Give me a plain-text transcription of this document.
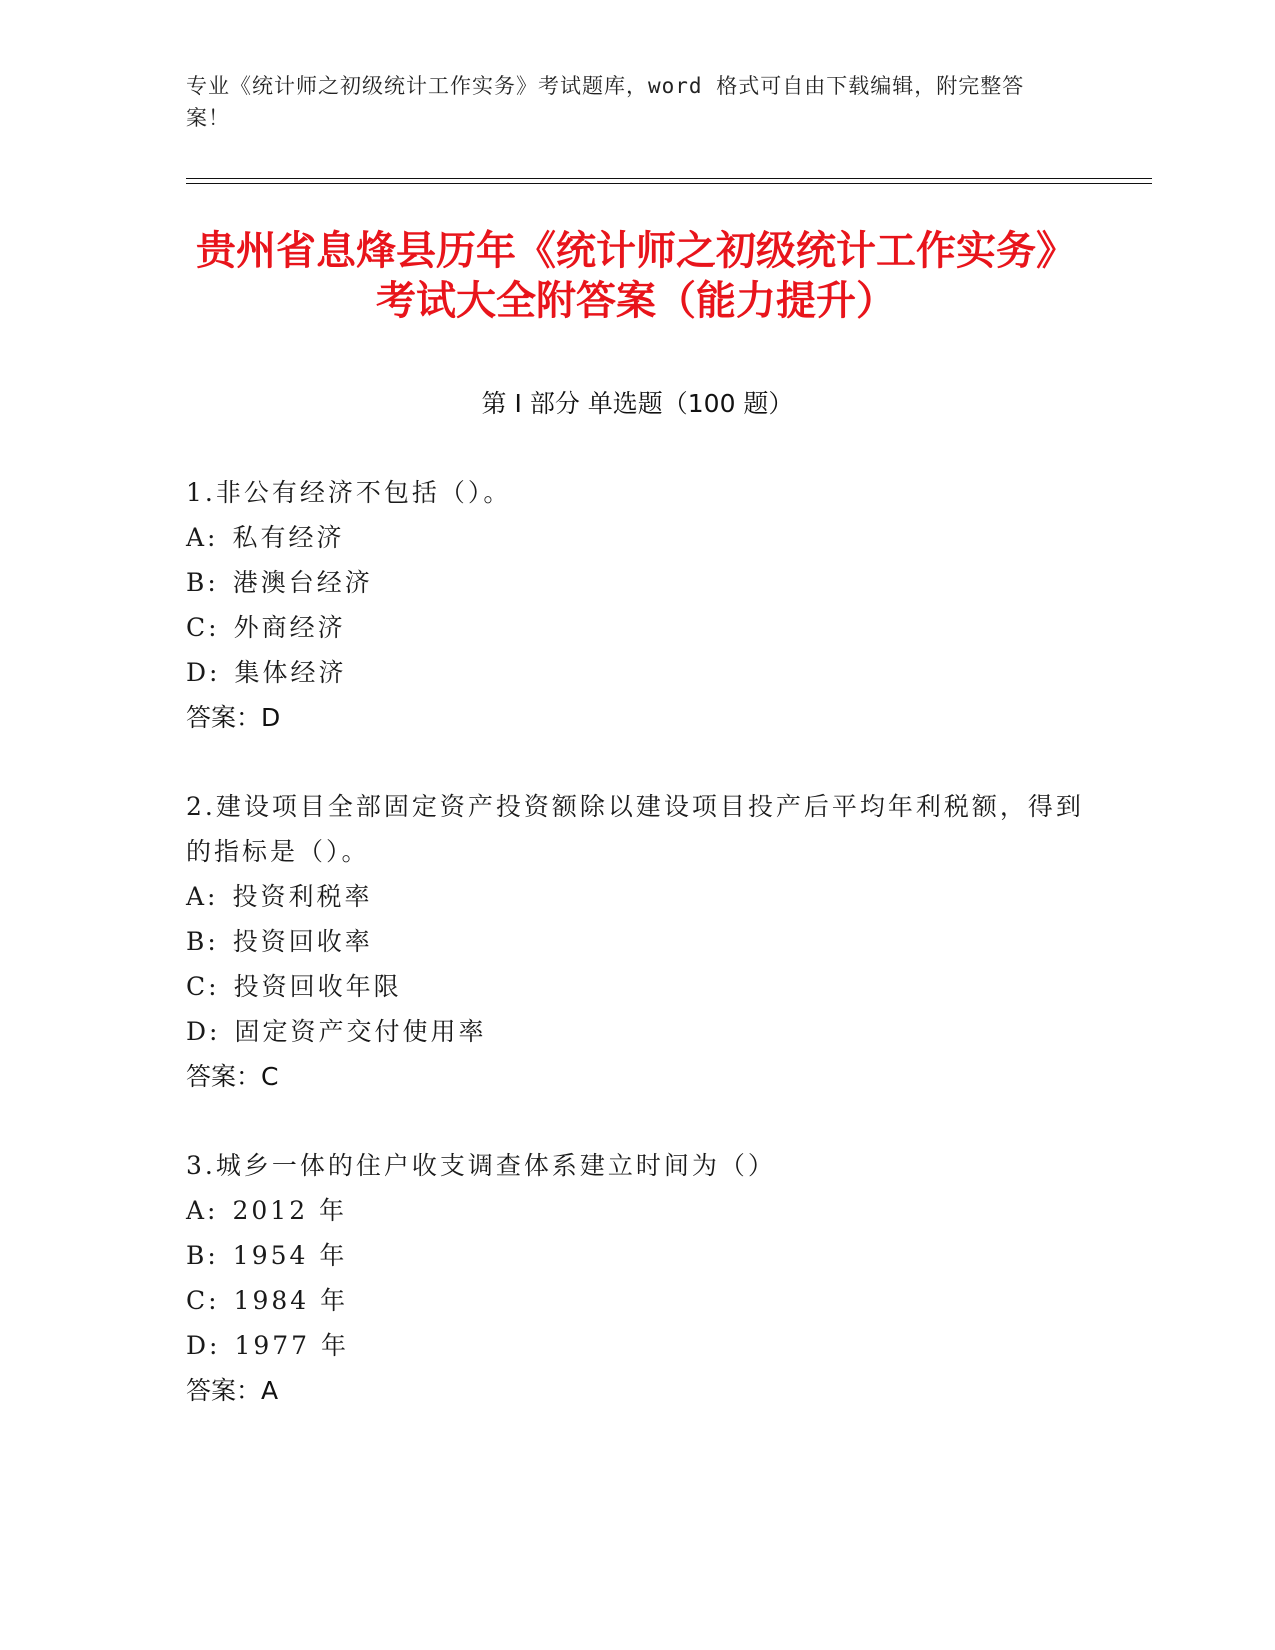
专业《统计师之初级统计工作实务》考试题库，word 格式可自由下载编辑，附完整答案！
贵州省息烽县历年《统计师之初级统计工作实务》考试大全附答案（能力提升）
第 I 部分 单选题（100 题）
1.非公有经济不包括（）。
A: 私有经济
B: 港澳台经济
C: 外商经济
D: 集体经济
答案：D
2.建设项目全部固定资产投资额除以建设项目投产后平均年利税额，得到的指标是（）。
A: 投资利税率
B: 投资回收率
C: 投资回收年限
D: 固定资产交付使用率
答案：C
3.城乡一体的住户收支调查体系建立时间为（）
A: 2012 年
B: 1954 年
C: 1984 年
D: 1977 年
答案：A
